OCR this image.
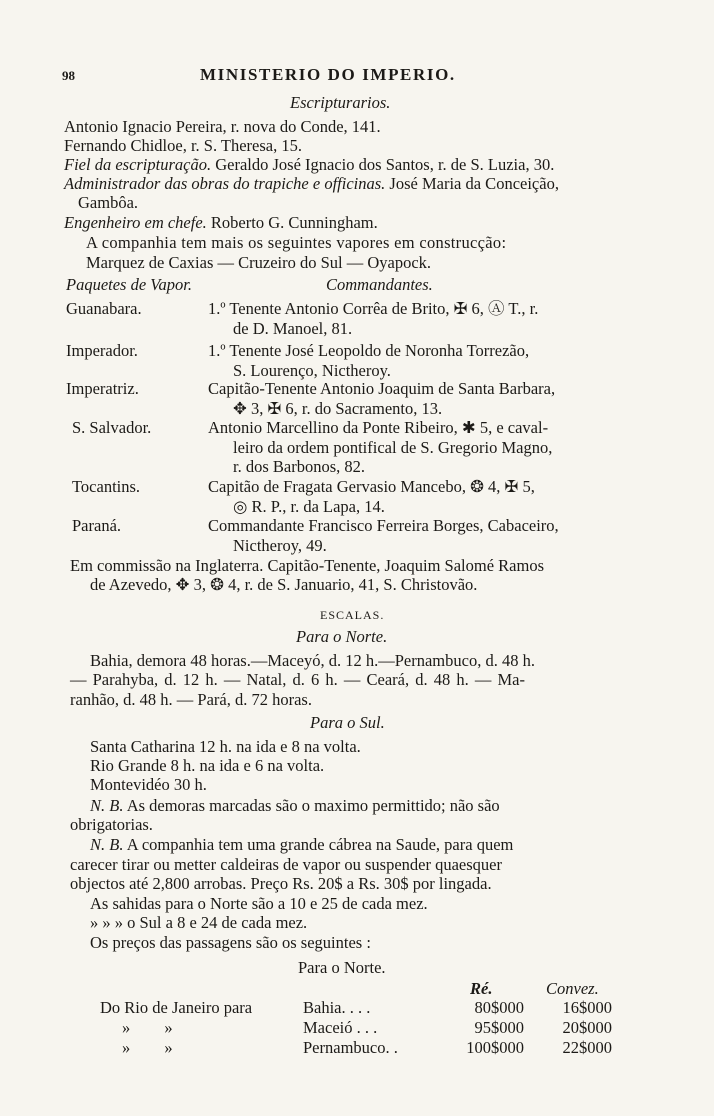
98	MINISTERIO DO IMPERIO.
Escripturarios.
Antonio Ignacio Pereira, r. nova do Conde, 141.
Fernando Chidloe, r. S. Theresa, 15.
Fiel da escripturação. Geraldo José Ignacio dos Santos, r. de S. Luzia, 30.
Administrador das obras do trapiche e officinas. José Maria da Conceição,
Gambôa.
Engenheiro em chefe. Roberto G. Cunningham.
A companhia tem mais os seguintes vapores em construcção:
Marquez de Caxias — Cruzeiro do Sul — Oyapock.
Paquetes de Vapor.	Commandantes.
Guanabara.	1.º Tenente Antonio Corrêa de Brito, ✠ 6, Ⓐ T., r.
de D. Manoel, 81.
Imperador.	1.º Tenente José Leopoldo de Noronha Torrezão,
S. Lourenço, Nictheroy.
Imperatriz.	Capitão-Tenente Antonio Joaquim de Santa Barbara,
✥ 3, ✠ 6, r. do Sacramento, 13.
S. Salvador.	Antonio Marcellino da Ponte Ribeiro, ✱ 5, e caval-
leiro da ordem pontifical de S. Gregorio Magno,
r. dos Barbonos, 82.
Tocantins.	Capitão de Fragata Gervasio Mancebo, ❂ 4, ✠ 5,
◎ R. P., r. da Lapa, 14.
Paraná.	Commandante Francisco Ferreira Borges, Cabaceiro,
Nictheroy, 49.
Em commissão na Inglaterra. Capitão-Tenente, Joaquim Salomé Ramos
de Azevedo, ✥ 3, ❂ 4, r. de S. Januario, 41, S. Christovão.
ESCALAS.
Para o Norte.
Bahia, demora 48 horas.—Maceyó, d. 12 h.—Pernambuco, d. 48 h.
— Parahyba, d. 12 h. — Natal, d. 6 h. — Ceará, d. 48 h. — Ma-
ranhão, d. 48 h. — Pará, d. 72 horas.
Para o Sul.
Santa Catharina 12 h. na ida e 8 na volta.
Rio Grande 8 h. na ida e 6 na volta.
Montevidéo 30 h.
N. B. As demoras marcadas são o maximo permittido; não são
obrigatorias.
N. B. A companhia tem uma grande cábrea na Saude, para quem
carecer tirar ou metter caldeiras de vapor ou suspender quaesquer
objectos até 2,800 arrobas. Preço Rs. 20$ a Rs. 30$ por lingada.
As sahidas para o Norte são a 10 e 25 de cada mez.
» » » o Sul a 8 e 24 de cada mez.
Os preços das passagens são os seguintes :
Para o Norte.
Ré.	Convez.
Do Rio de Janeiro para	Bahia. . . .	80$000	16$000
» »	Maceió . . .	95$000	20$000
» »	Pernambuco. .	100$000	22$000
